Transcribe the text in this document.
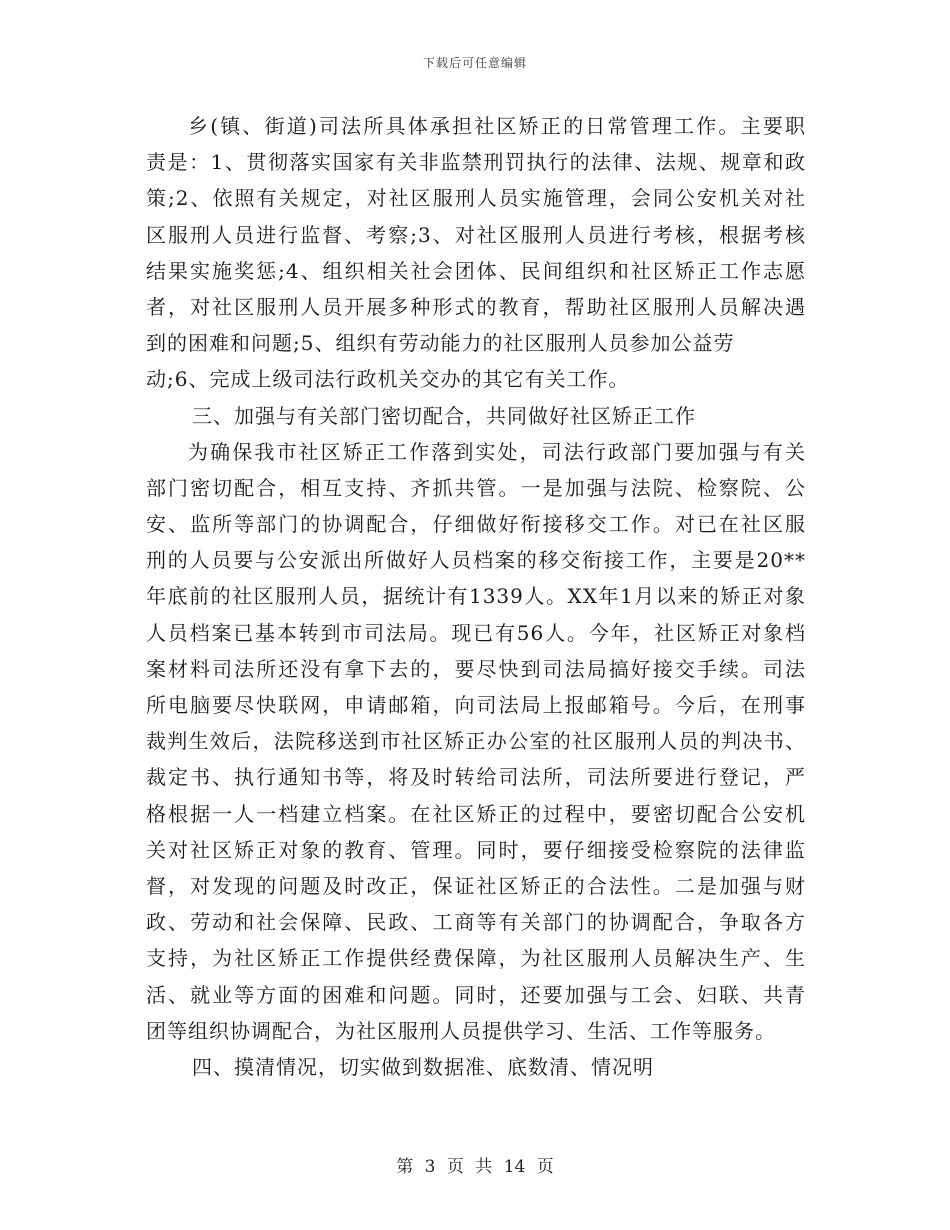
下载后可任意编辑
乡(镇、街道)司法所具体承担社区矫正的日常管理工作。主要职
责是：1、贯彻落实国家有关非监禁刑罚执行的法律、法规、规章和政
策;2、依照有关规定，对社区服刑人员实施管理，会同公安机关对社
区服刑人员进行监督、考察;3、对社区服刑人员进行考核，根据考核
结果实施奖惩;4、组织相关社会团体、民间组织和社区矫正工作志愿
者，对社区服刑人员开展多种形式的教育，帮助社区服刑人员解决遇
到的困难和问题;5、组织有劳动能力的社区服刑人员参加公益劳
动;6、完成上级司法行政机关交办的其它有关工作。
三、加强与有关部门密切配合，共同做好社区矫正工作
为确保我市社区矫正工作落到实处，司法行政部门要加强与有关
部门密切配合，相互支持、齐抓共管。一是加强与法院、检察院、公
安、监所等部门的协调配合，仔细做好衔接移交工作。对已在社区服
刑的人员要与公安派出所做好人员档案的移交衔接工作，主要是20**
年底前的社区服刑人员，据统计有1339人。XX年1月以来的矫正对象
人员档案已基本转到市司法局。现已有56人。今年，社区矫正对象档
案材料司法所还没有拿下去的，要尽快到司法局搞好接交手续。司法
所电脑要尽快联网，申请邮箱，向司法局上报邮箱号。今后，在刑事
裁判生效后，法院移送到市社区矫正办公室的社区服刑人员的判决书、
裁定书、执行通知书等，将及时转给司法所，司法所要进行登记，严
格根据一人一档建立档案。在社区矫正的过程中，要密切配合公安机
关对社区矫正对象的教育、管理。同时，要仔细接受检察院的法律监
督，对发现的问题及时改正，保证社区矫正的合法性。二是加强与财
政、劳动和社会保障、民政、工商等有关部门的协调配合，争取各方
支持，为社区矫正工作提供经费保障，为社区服刑人员解决生产、生
活、就业等方面的困难和问题。同时，还要加强与工会、妇联、共青
团等组织协调配合，为社区服刑人员提供学习、生活、工作等服务。
四、摸清情况，切实做到数据准、底数清、情况明
第 3 页 共 14 页
